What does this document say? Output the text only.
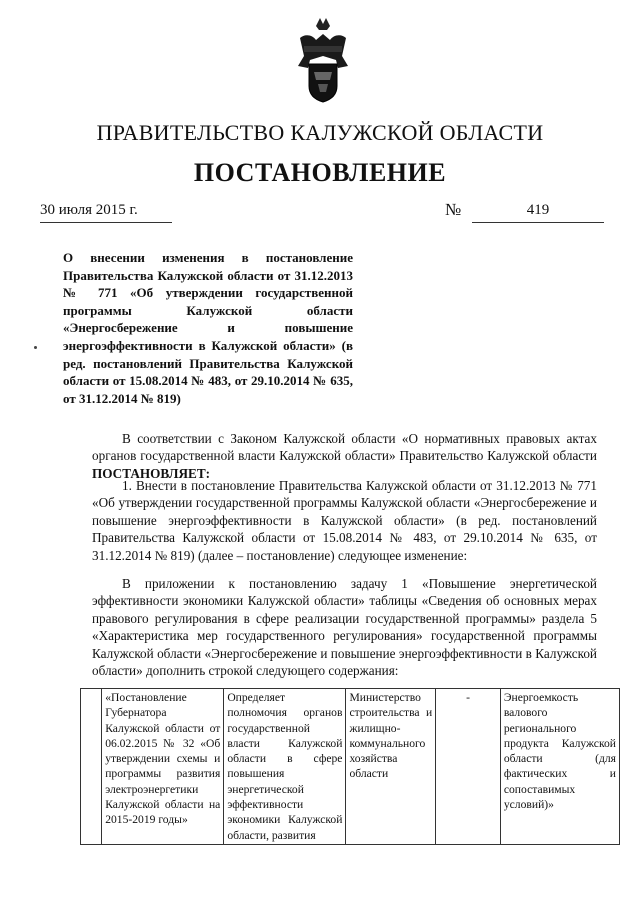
ПРАВИТЕЛЬСТВО КАЛУЖСКОЙ ОБЛАСТИ
ПОСТАНОВЛЕНИЕ
30 июля 2015 г.	№	419
О внесении изменения в постановление Правительства Калужской области от 31.12.2013 № 771 «Об утверждении государственной программы Калужской области «Энергосбережение и повышение энергоэффективности в Калужской области» (в ред. постановлений Правительства Калужской области от 15.08.2014 № 483, от 29.10.2014 № 635, от 31.12.2014 № 819)
В соответствии с Законом Калужской области «О нормативных правовых актах органов государственной власти Калужской области» Правительство Калужской области ПОСТАНОВЛЯЕТ:
1. Внести в постановление Правительства Калужской области от 31.12.2013 № 771 «Об утверждении государственной программы Калужской области «Энергосбережение и повышение энергоэффективности в Калужской области» (в ред. постановлений Правительства Калужской области от 15.08.2014 № 483, от 29.10.2014 № 635, от 31.12.2014 № 819) (далее – постановление) следующее изменение:
В приложении к постановлению задачу 1 «Повышение энергетической эффективности экономики Калужской области» таблицы «Сведения об основных мерах правового регулирования в сфере реализации государственной программы» раздела 5 «Характеристика мер государственного регулирования» государственной программы Калужской области «Энергосбережение и повышение энергоэффективности в Калужской области» дополнить строкой следующего содержания:
	«Постановление Губернатора Калужской области от 06.02.2015 № 32 «Об утверждении схемы и программы развития электроэнергетики Калужской области на 2015-2019 годы»	Определяет полномочия органов государственной власти Калужской области в сфере повышения энергетической эффективности экономики Калужской области, развития	Министерство строительства и жилищно-коммунального хозяйства области	-	Энергоемкость валового регионального продукта Калужской области (для фактических и сопоставимых условий)»
